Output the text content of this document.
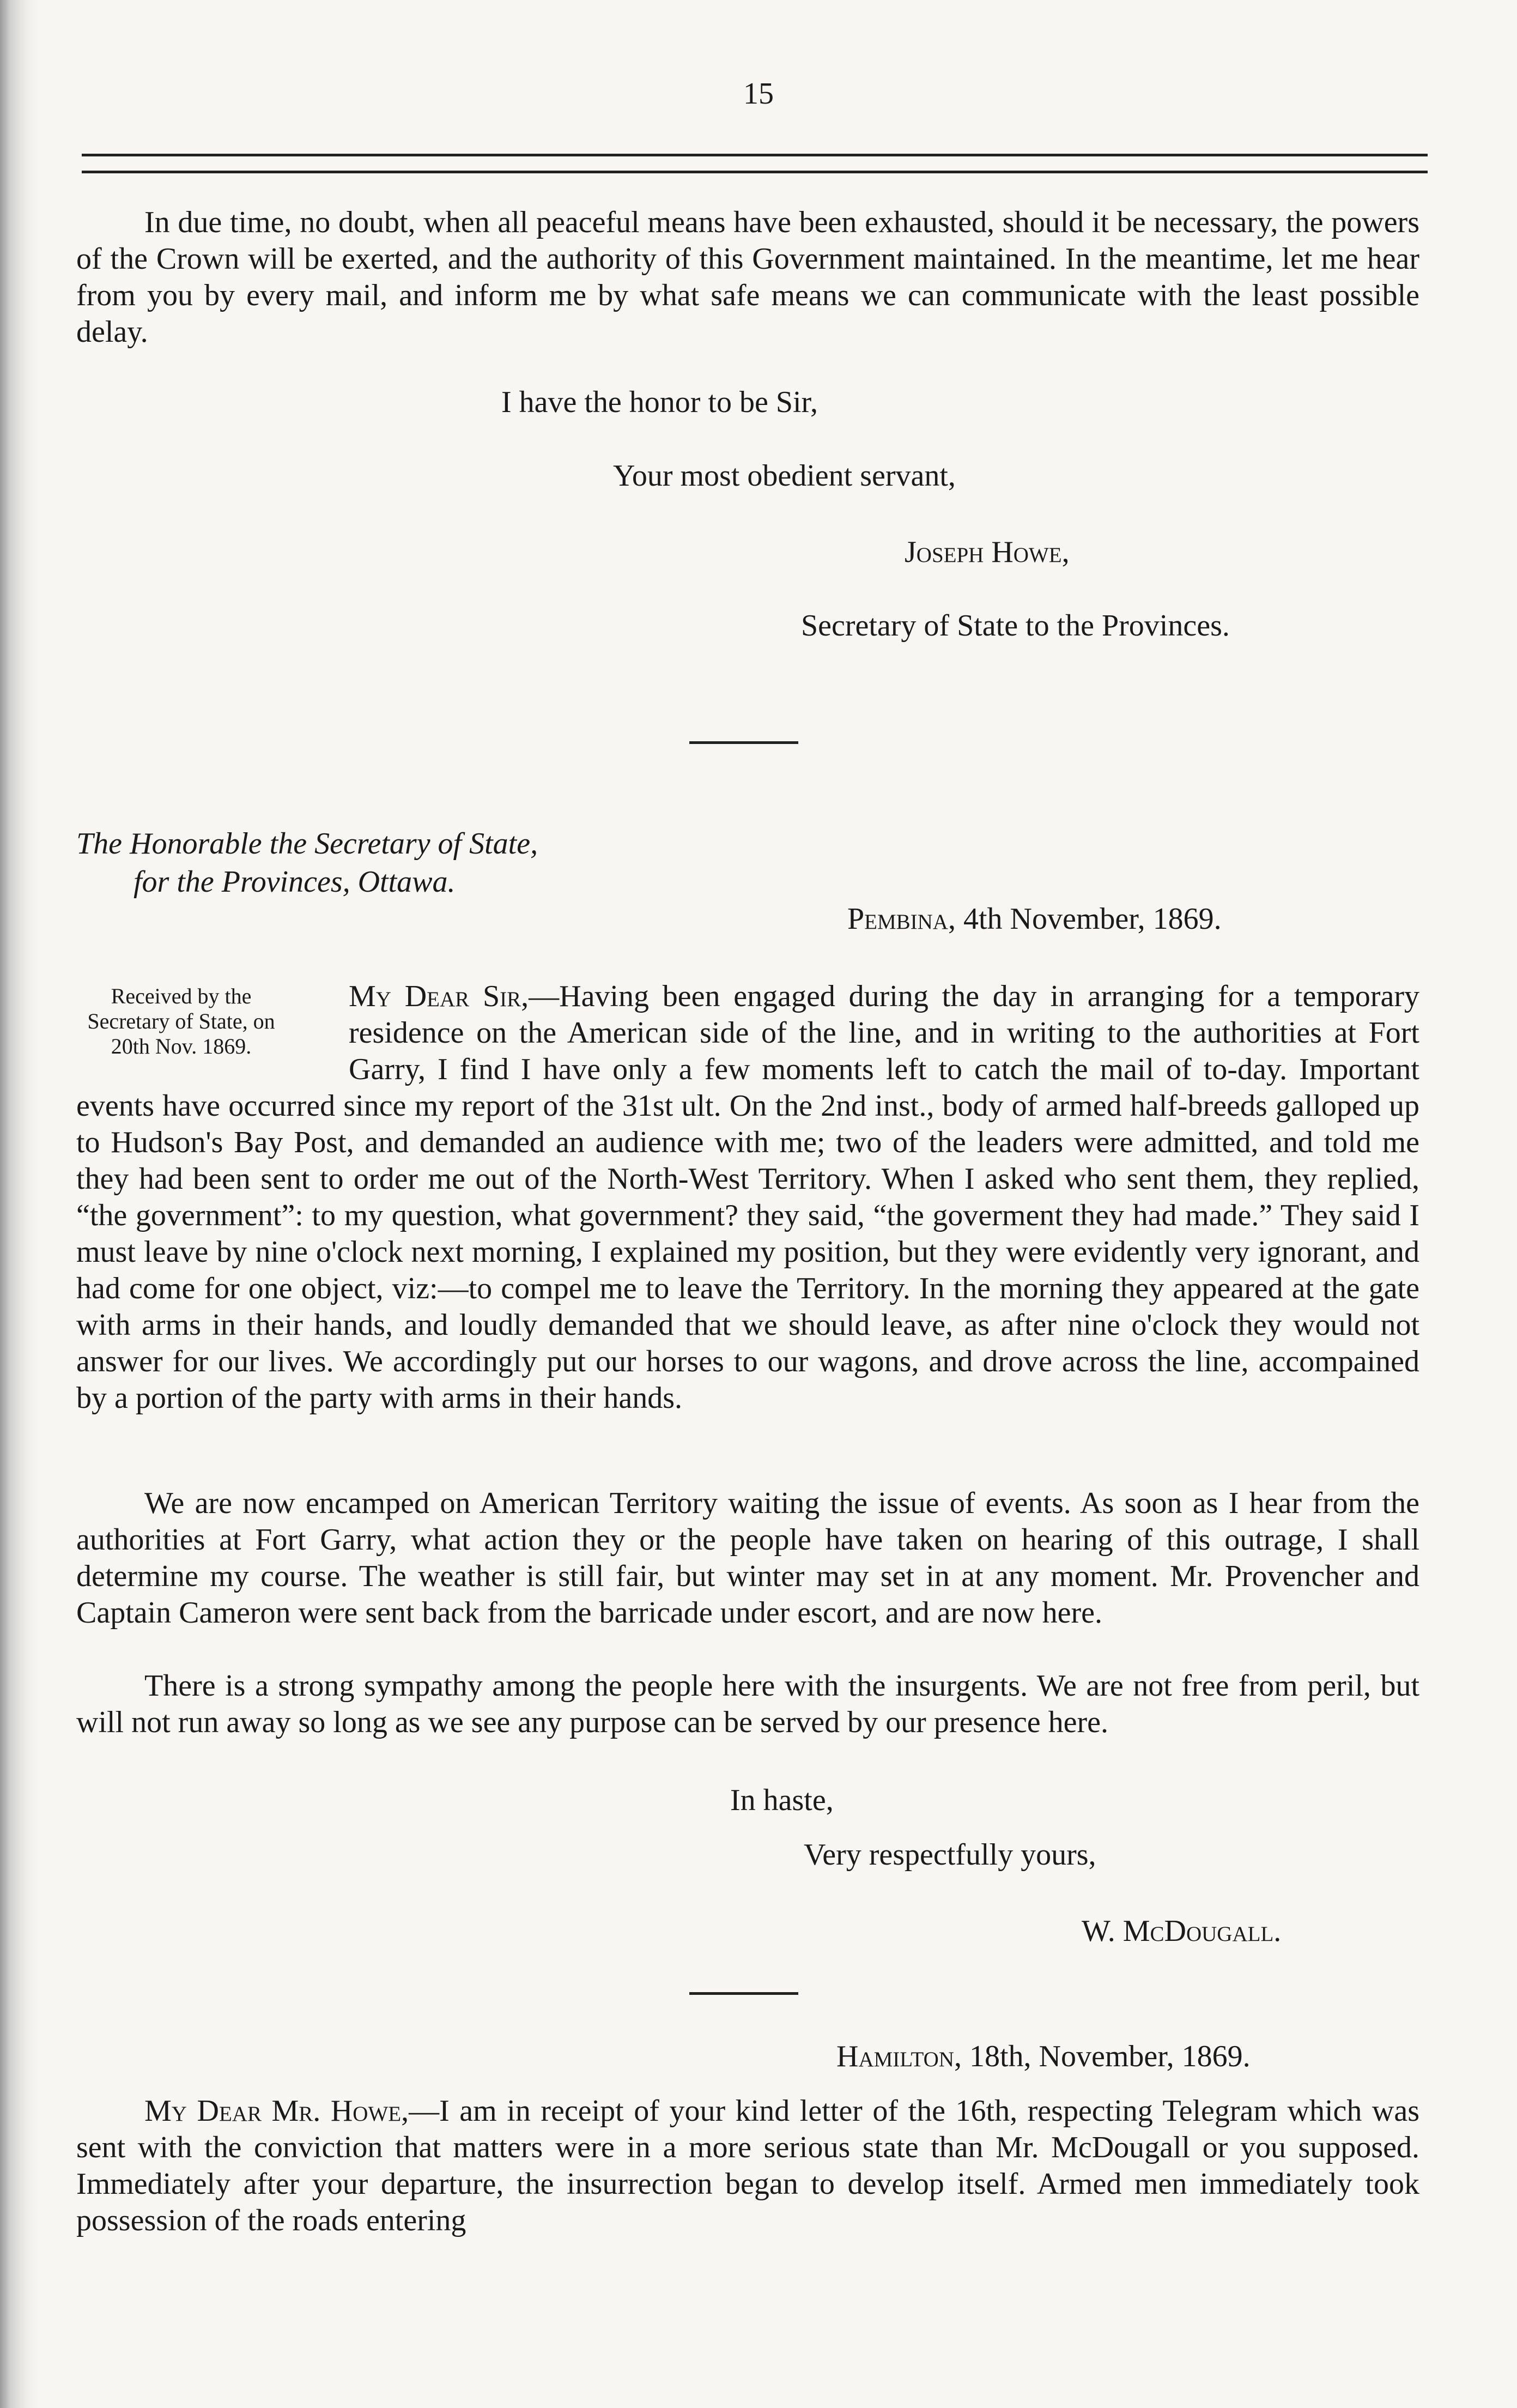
15

In due time, no doubt, when all peaceful means have been exhausted, should it be necessary, the powers of the Crown will be exerted, and the authority of this Government maintained. In the meantime, let me hear from you by every mail, and inform me by what safe means we can communicate with the least possible delay.

I have the honor to be Sir,
Your most obedient servant,
Joseph Howe,
Secretary of State to the Provinces.
The Honorable the Secretary of State,
for the Provinces, Ottawa.
Pembina, 4th November, 1869.
Received by the Secretary of State, on 20th Nov. 1869.

My Dear Sir,—Having been engaged during the day in arranging for a temporary residence on the American side of the line, and in writing to the authorities at Fort Garry, I find I have only a few moments left to catch the mail of to-day. Important events have occurred since my report of the 31st ult. On the 2nd inst., body of armed half-breeds galloped up to Hudson's Bay Post, and demanded an audience with me; two of the leaders were admitted, and told me they had been sent to order me out of the North-West Territory. When I asked who sent them, they replied, “the government”: to my question, what government? they said, “the goverment they had made.” They said I must leave by nine o'clock next morning, I explained my position, but they were evidently very ignorant, and had come for one object, viz:—to compel me to leave the Territory. In the morning they appeared at the gate with arms in their hands, and loudly demanded that we should leave, as after nine o'clock they would not answer for our lives. We accordingly put our horses to our wagons, and drove across the line, accompained by a portion of the party with arms in their hands.

We are now encamped on American Territory waiting the issue of events. As soon as I hear from the authorities at Fort Garry, what action they or the people have taken on hearing of this outrage, I shall determine my course. The weather is still fair, but winter may set in at any moment. Mr. Provencher and Captain Cameron were sent back from the barricade under escort, and are now here.

There is a strong sympathy among the people here with the insurgents. We are not free from peril, but will not run away so long as we see any purpose can be served by our presence here.

In haste,
Very respectfully yours,
W. McDougall.
Hamilton, 18th, November, 1869.

My Dear Mr. Howe,—I am in receipt of your kind letter of the 16th, respecting Telegram which was sent with the conviction that matters were in a more serious state than Mr. McDougall or you supposed. Immediately after your departure, the insurrection began to develop itself. Armed men immediately took possession of the roads entering
